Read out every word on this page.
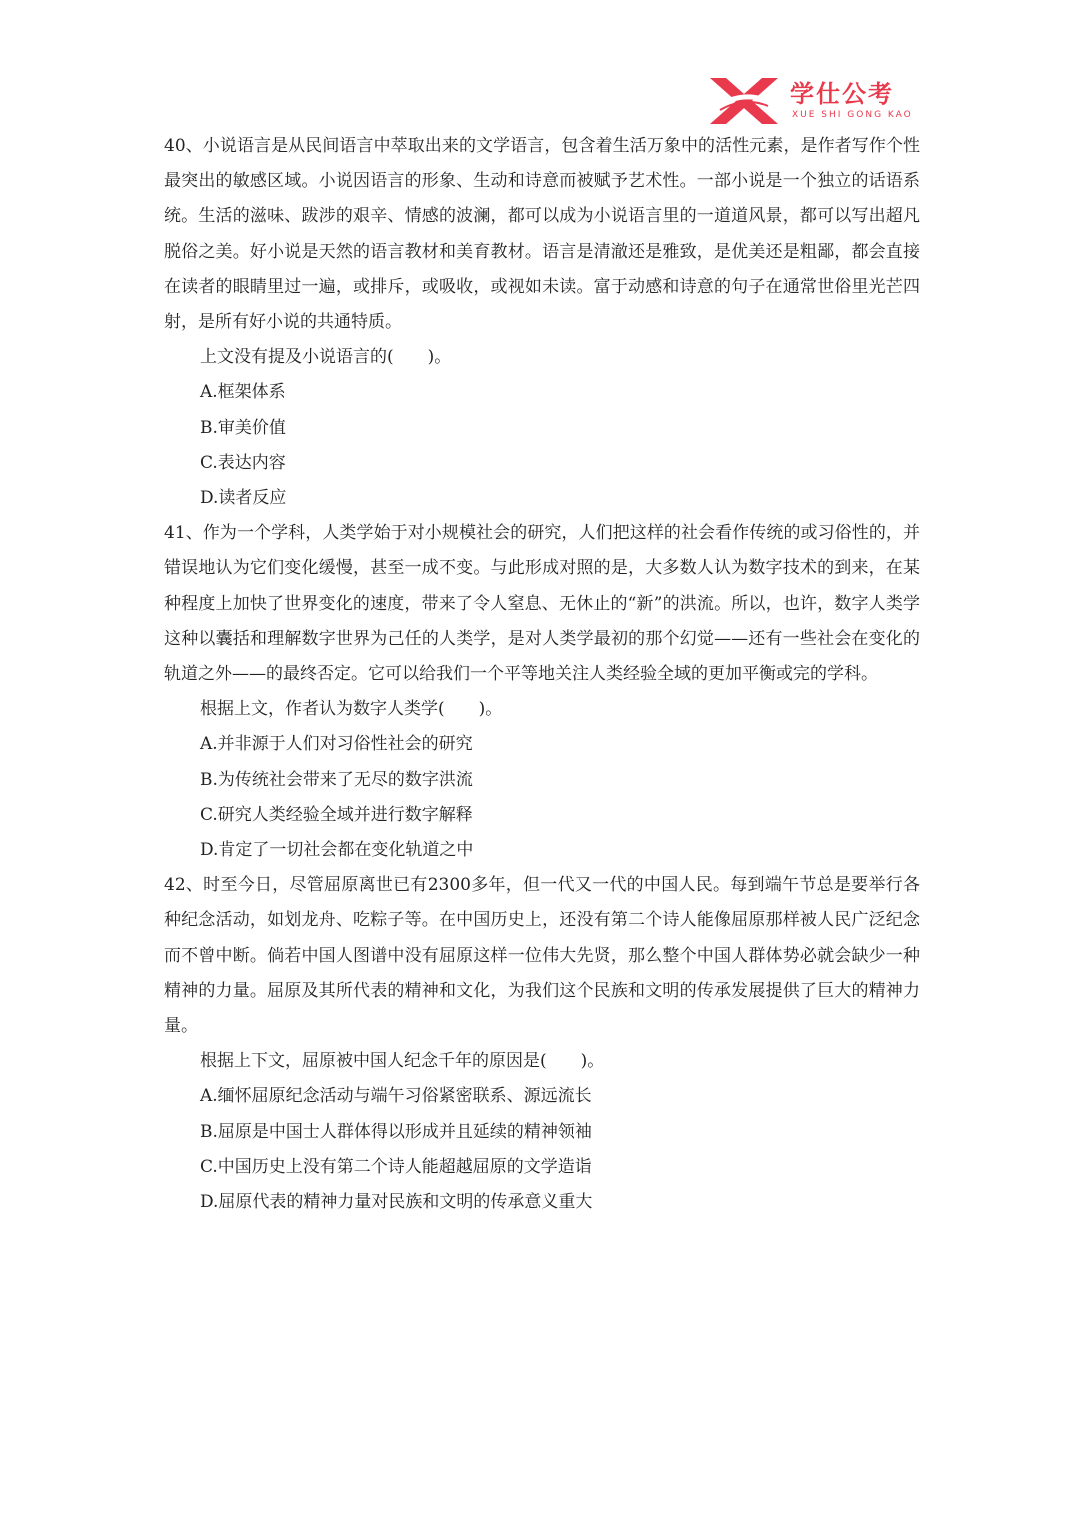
学仕公考
XUE SHI GONG KAO

40、小说语言是从民间语言中萃取出来的文学语言，包含着生活万象中的活性元素，是作者写作个性最突出的敏感区域。小说因语言的形象、生动和诗意而被赋予艺术性。一部小说是一个独立的话语系统。生活的滋味、跋涉的艰辛、情感的波澜，都可以成为小说语言里的一道道风景，都可以写出超凡脱俗之美。好小说是天然的语言教材和美育教材。语言是清澈还是雅致，是优美还是粗鄙，都会直接在读者的眼睛里过一遍，或排斥，或吸收，或视如未读。富于动感和诗意的句子在通常世俗里光芒四射，是所有好小说的共通特质。

上文没有提及小说语言的(　　)。

A.框架体系

B.审美价值

C.表达内容

D.读者反应

41、作为一个学科，人类学始于对小规模社会的研究，人们把这样的社会看作传统的或习俗性的，并错误地认为它们变化缓慢，甚至一成不变。与此形成对照的是，大多数人认为数字技术的到来，在某种程度上加快了世界变化的速度，带来了令人窒息、无休止的“新”的洪流。所以，也许，数字人类学这种以囊括和理解数字世界为己任的人类学，是对人类学最初的那个幻觉——还有一些社会在变化的轨道之外——的最终否定。它可以给我们一个平等地关注人类经验全域的更加平衡或完的学科。

根据上文，作者认为数字人类学(　　)。

A.并非源于人们对习俗性社会的研究

B.为传统社会带来了无尽的数字洪流

C.研究人类经验全域并进行数字解释

D.肯定了一切社会都在变化轨道之中

42、时至今日，尽管屈原离世已有2300多年，但一代又一代的中国人民。每到端午节总是要举行各种纪念活动，如划龙舟、吃粽子等。在中国历史上，还没有第二个诗人能像屈原那样被人民广泛纪念而不曾中断。倘若中国人图谱中没有屈原这样一位伟大先贤，那么整个中国人群体势必就会缺少一种精神的力量。屈原及其所代表的精神和文化，为我们这个民族和文明的传承发展提供了巨大的精神力量。

根据上下文，屈原被中国人纪念千年的原因是(　　)。

A.缅怀屈原纪念活动与端午习俗紧密联系、源远流长

B.屈原是中国士人群体得以形成并且延续的精神领袖

C.中国历史上没有第二个诗人能超越屈原的文学造诣

D.屈原代表的精神力量对民族和文明的传承意义重大
